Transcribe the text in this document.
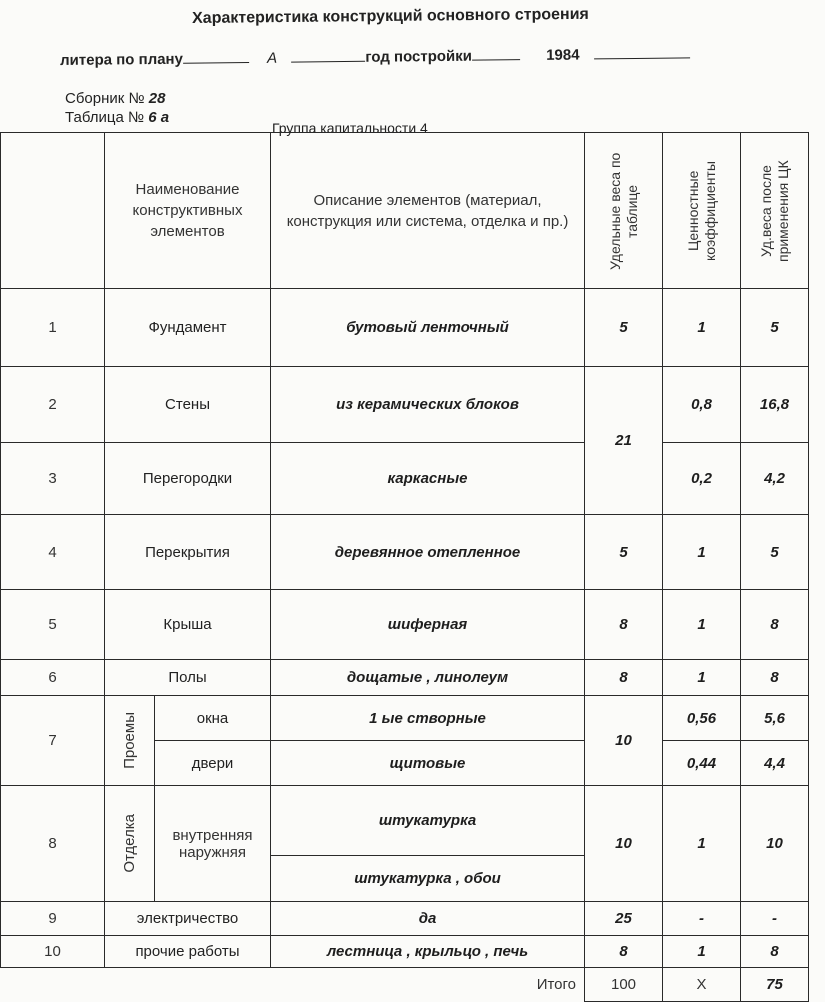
Характеристика конструкций основного строения
литера по плану	А	год постройки	1984
Сборник № 28
Таблица № 6 а
Группа капитальности 4
	Наименование конструктивных элементов		Описание элементов (материал, конструкция или система, отделка и пр.)	Удельные веса по таблице	Ценностные коэффициенты	Уд.веса после применения ЦК

1	Фундамент		бутовый ленточный	5	1	5
2	Стены		из керамических блоков	21	0,8	16,8
3	Перегородки		каркасные		0,2	4,2
4	Перекрытия		деревянное отепленное	5	1	5
5	Крыша		шиферная	8	1	8
6	Полы		дощатые , линолеум	8	1	8
7	Проемы	окна	1 ые створные	10	0,56	5,6
		двери	щитовые		0,44	4,4
8	Отделка	внутренняя наружняя	штукатурка	10	1	10
			штукатурка , обои			
9	электричество		да	25	-	-
10	прочие работы		лестница , крыльцо , печь	8	1	8
Итого				100	Х	75
